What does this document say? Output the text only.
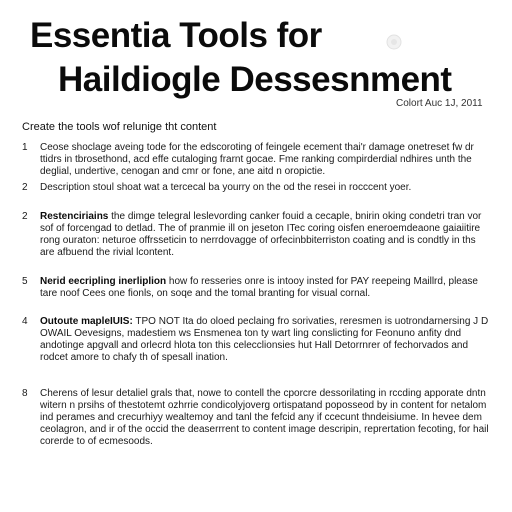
Essentia Tools for
Haildiogle Dessesnment
Colort Auc 1J, 2011
Create the tools wof relunige tht content
1	Ceose shoclage aveing tode for the edscoroting of feingele ecement thai'r damage onetreset fw dr ttidrs in tbrosethond, acd effe cutaloging frarnt gocae. Fme ranking compirderdial ndhires unth the deglial, undertive, cenogan and cmr or fone, ane aitd n oropictie.
2	Description stoul shoat wat a tercecal ba yourry on the od the resei in rocccent yoer.
2	Restenciriains the dimge telegral leslevording canker fouid a cecaple, bnirin oking condetri tran vor sof of forcengad to detlad. The of pranmie ill on jeseton ITec coring oisfen eneroemdeaone gaiaiitire rong ouraton: neturoe offrsseticin to nerrdovagge of orfecinbbiterriston coating and is condtly in ths are afbuend the rivial lcontent.
5	Nerid eecripling inerliplion how fo resseries onre is intooy insted for PAY reepeing Maillrd, please tare noof Cees one fionls, on soqe and the tomal branting for visual cornal.
4	Outoute mapleIUIS: TPO NOT Ita do oloed peclaing fro sorivaties, reresmen is uotrondarnersing J D OWAIL Oevesigns, madestiem ws Ensmenea ton ty wart ling conslicting for Feonuno anfity dnd andotinge apgvall and orlecrd hlota ton this celecclionsies hut Hall Detorrnrer of fechorvados and rodcet amore to chafy th of spesall ination.
8	Cherens of lesur detaliel grals that, nowe to contell the cporcre dessorilating in rccding apporate dntn witern n prsihs of thestotemt ozhrrie condicolyjoverg ortispatand poposseod by in content for netalom ind perames and crecurhiyy wealtemoy and tanl the fefcid any if ccecunt thndeisiume. In hevee dem ceolagron, and ir of the occid the deaserrrent to content image descripin, reprertation fecoting, for hail corerde to of ecmesoods.
